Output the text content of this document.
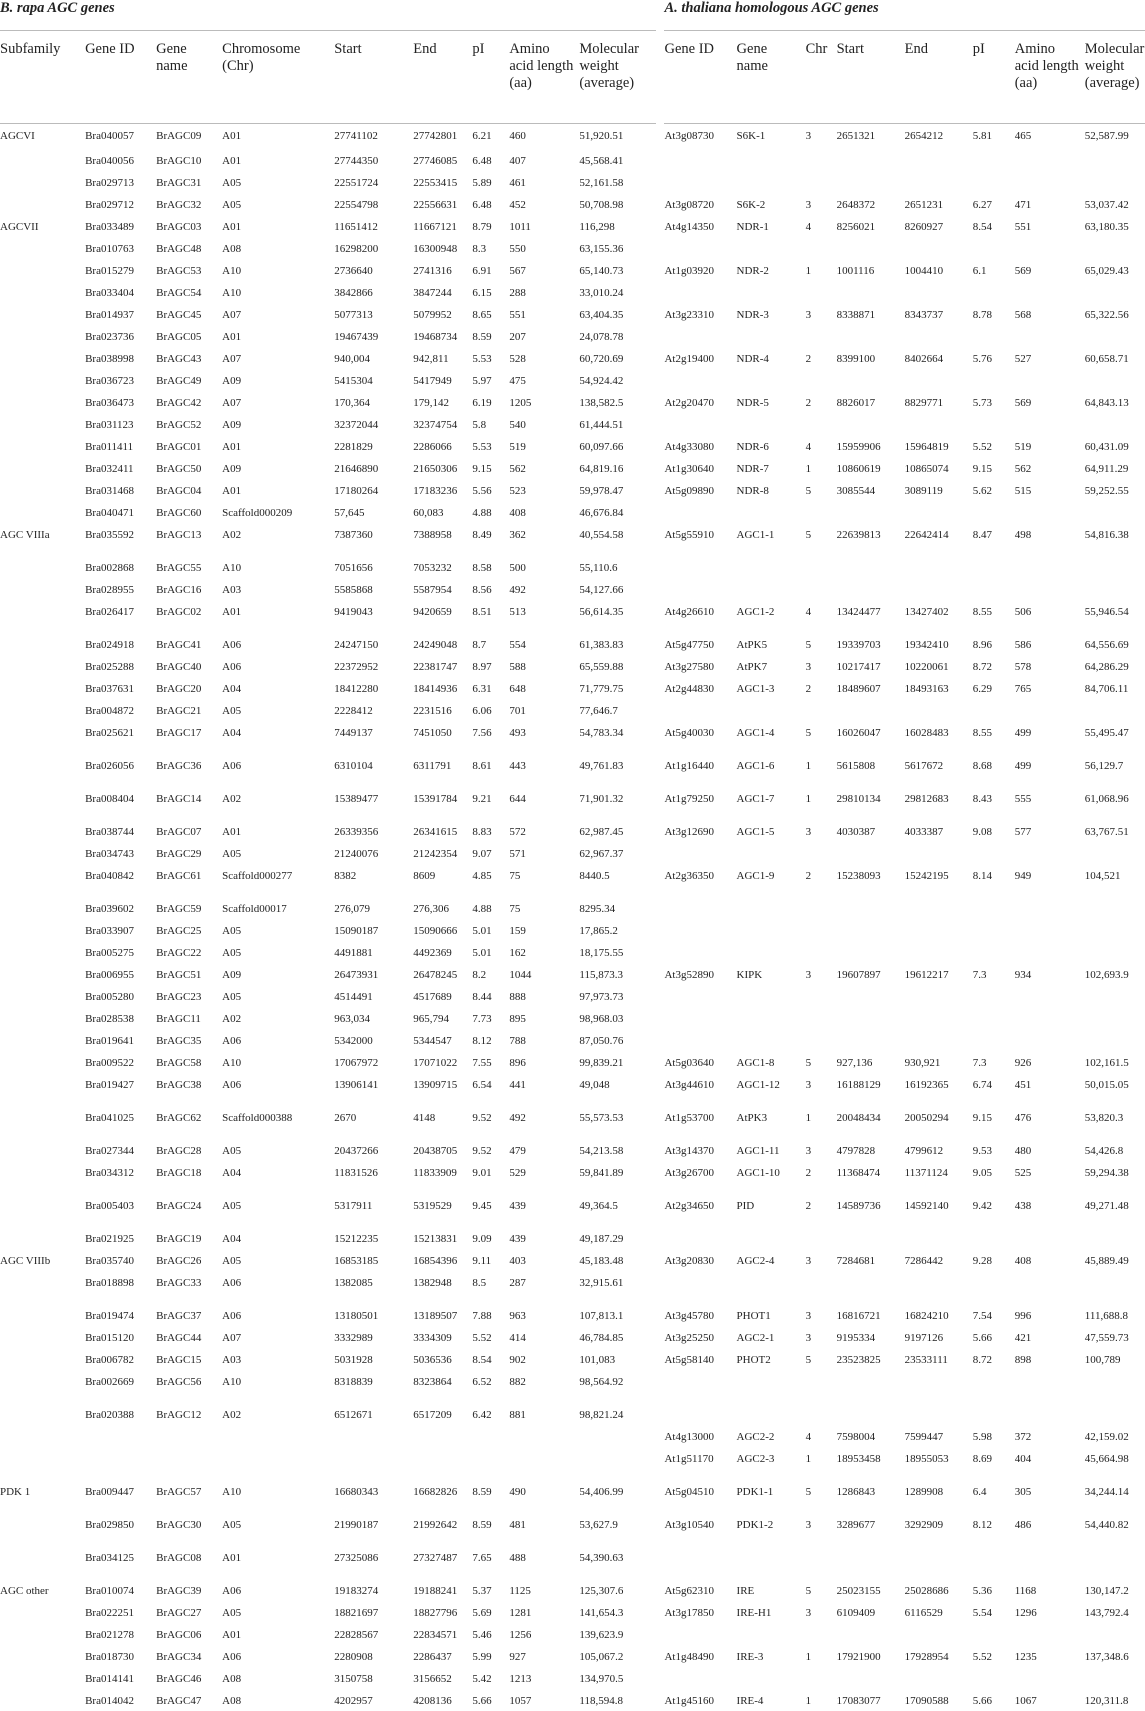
B. rapa AGC genes										A. thaliana homologous AGC genes							
Subfamily	Gene ID	Gene name	Chromosome (Chr)	Start	End	pI	Amino acid length (aa)	Molecular weight (average)		Gene ID	Gene name	Chr	Start	End	pI	Amino acid length (aa)	Molecular weight (average)
AGCVI	Bra040057	BrAGC09	A01	27741102	27742801	6.21	460	51,920.51		At3g08730	S6K-1	3	2651321	2654212	5.81	465	52,587.99
	Bra040056	BrAGC10	A01	27744350	27746085	6.48	407	45,568.41									
	Bra029713	BrAGC31	A05	22551724	22553415	5.89	461	52,161.58									
	Bra029712	BrAGC32	A05	22554798	22556631	6.48	452	50,708.98		At3g08720	S6K-2	3	2648372	2651231	6.27	471	53,037.42
AGCVII	Bra033489	BrAGC03	A01	11651412	11667121	8.79	1011	116,298		At4g14350	NDR-1	4	8256021	8260927	8.54	551	63,180.35
	Bra010763	BrAGC48	A08	16298200	16300948	8.3	550	63,155.36									
	Bra015279	BrAGC53	A10	2736640	2741316	6.91	567	65,140.73		At1g03920	NDR-2	1	1001116	1004410	6.1	569	65,029.43
	Bra033404	BrAGC54	A10	3842866	3847244	6.15	288	33,010.24									
	Bra014937	BrAGC45	A07	5077313	5079952	8.65	551	63,404.35		At3g23310	NDR-3	3	8338871	8343737	8.78	568	65,322.56
	Bra023736	BrAGC05	A01	19467439	19468734	8.59	207	24,078.78									
	Bra038998	BrAGC43	A07	940,004	942,811	5.53	528	60,720.69		At2g19400	NDR-4	2	8399100	8402664	5.76	527	60,658.71
	Bra036723	BrAGC49	A09	5415304	5417949	5.97	475	54,924.42									
	Bra036473	BrAGC42	A07	170,364	179,142	6.19	1205	138,582.5		At2g20470	NDR-5	2	8826017	8829771	5.73	569	64,843.13
	Bra031123	BrAGC52	A09	32372044	32374754	5.8	540	61,444.51									
	Bra011411	BrAGC01	A01	2281829	2286066	5.53	519	60,097.66		At4g33080	NDR-6	4	15959906	15964819	5.52	519	60,431.09
	Bra032411	BrAGC50	A09	21646890	21650306	9.15	562	64,819.16		At1g30640	NDR-7	1	10860619	10865074	9.15	562	64,911.29
	Bra031468	BrAGC04	A01	17180264	17183236	5.56	523	59,978.47		At5g09890	NDR-8	5	3085544	3089119	5.62	515	59,252.55
	Bra040471	BrAGC60	Scaffold000209	57,645	60,083	4.88	408	46,676.84									
AGC VIIIa	Bra035592	BrAGC13	A02	7387360	7388958	8.49	362	40,554.58		At5g55910	AGC1-1	5	22639813	22642414	8.47	498	54,816.38
	Bra002868	BrAGC55	A10	7051656	7053232	8.58	500	55,110.6									
	Bra028955	BrAGC16	A03	5585868	5587954	8.56	492	54,127.66									
	Bra026417	BrAGC02	A01	9419043	9420659	8.51	513	56,614.35		At4g26610	AGC1-2	4	13424477	13427402	8.55	506	55,946.54
	Bra024918	BrAGC41	A06	24247150	24249048	8.7	554	61,383.83		At5g47750	AtPK5	5	19339703	19342410	8.96	586	64,556.69
	Bra025288	BrAGC40	A06	22372952	22381747	8.97	588	65,559.88		At3g27580	AtPK7	3	10217417	10220061	8.72	578	64,286.29
	Bra037631	BrAGC20	A04	18412280	18414936	6.31	648	71,779.75		At2g44830	AGC1-3	2	18489607	18493163	6.29	765	84,706.11
	Bra004872	BrAGC21	A05	2228412	2231516	6.06	701	77,646.7									
	Bra025621	BrAGC17	A04	7449137	7451050	7.56	493	54,783.34		At5g40030	AGC1-4	5	16026047	16028483	8.55	499	55,495.47
	Bra026056	BrAGC36	A06	6310104	6311791	8.61	443	49,761.83		At1g16440	AGC1-6	1	5615808	5617672	8.68	499	56,129.7
	Bra008404	BrAGC14	A02	15389477	15391784	9.21	644	71,901.32		At1g79250	AGC1-7	1	29810134	29812683	8.43	555	61,068.96
	Bra038744	BrAGC07	A01	26339356	26341615	8.83	572	62,987.45		At3g12690	AGC1-5	3	4030387	4033387	9.08	577	63,767.51
	Bra034743	BrAGC29	A05	21240076	21242354	9.07	571	62,967.37									
	Bra040842	BrAGC61	Scaffold000277	8382	8609	4.85	75	8440.5		At2g36350	AGC1-9	2	15238093	15242195	8.14	949	104,521
	Bra039602	BrAGC59	Scaffold00017	276,079	276,306	4.88	75	8295.34									
	Bra033907	BrAGC25	A05	15090187	15090666	5.01	159	17,865.2									
	Bra005275	BrAGC22	A05	4491881	4492369	5.01	162	18,175.55									
	Bra006955	BrAGC51	A09	26473931	26478245	8.2	1044	115,873.3		At3g52890	KIPK	3	19607897	19612217	7.3	934	102,693.9
	Bra005280	BrAGC23	A05	4514491	4517689	8.44	888	97,973.73									
	Bra028538	BrAGC11	A02	963,034	965,794	7.73	895	98,968.03									
	Bra019641	BrAGC35	A06	5342000	5344547	8.12	788	87,050.76									
	Bra009522	BrAGC58	A10	17067972	17071022	7.55	896	99,839.21		At5g03640	AGC1-8	5	927,136	930,921	7.3	926	102,161.5
	Bra019427	BrAGC38	A06	13906141	13909715	6.54	441	49,048		At3g44610	AGC1-12	3	16188129	16192365	6.74	451	50,015.05
	Bra041025	BrAGC62	Scaffold000388	2670	4148	9.52	492	55,573.53		At1g53700	AtPK3	1	20048434	20050294	9.15	476	53,820.3
	Bra027344	BrAGC28	A05	20437266	20438705	9.52	479	54,213.58		At3g14370	AGC1-11	3	4797828	4799612	9.53	480	54,426.8
	Bra034312	BrAGC18	A04	11831526	11833909	9.01	529	59,841.89		At3g26700	AGC1-10	2	11368474	11371124	9.05	525	59,294.38
	Bra005403	BrAGC24	A05	5317911	5319529	9.45	439	49,364.5		At2g34650	PID	2	14589736	14592140	9.42	438	49,271.48
	Bra021925	BrAGC19	A04	15212235	15213831	9.09	439	49,187.29									
AGC VIIIb	Bra035740	BrAGC26	A05	16853185	16854396	9.11	403	45,183.48		At3g20830	AGC2-4	3	7284681	7286442	9.28	408	45,889.49
	Bra018898	BrAGC33	A06	1382085	1382948	8.5	287	32,915.61									
	Bra019474	BrAGC37	A06	13180501	13189507	7.88	963	107,813.1		At3g45780	PHOT1	3	16816721	16824210	7.54	996	111,688.8
	Bra015120	BrAGC44	A07	3332989	3334309	5.52	414	46,784.85		At3g25250	AGC2-1	3	9195334	9197126	5.66	421	47,559.73
	Bra006782	BrAGC15	A03	5031928	5036536	8.54	902	101,083		At5g58140	PHOT2	5	23523825	23533111	8.72	898	100,789
	Bra002669	BrAGC56	A10	8318839	8323864	6.52	882	98,564.92									
	Bra020388	BrAGC12	A02	6512671	6517209	6.42	881	98,821.24									
										At4g13000	AGC2-2	4	7598004	7599447	5.98	372	42,159.02
										At1g51170	AGC2-3	1	18953458	18955053	8.69	404	45,664.98
PDK 1	Bra009447	BrAGC57	A10	16680343	16682826	8.59	490	54,406.99		At5g04510	PDK1-1	5	1286843	1289908	6.4	305	34,244.14
	Bra029850	BrAGC30	A05	21990187	21992642	8.59	481	53,627.9		At3g10540	PDK1-2	3	3289677	3292909	8.12	486	54,440.82
	Bra034125	BrAGC08	A01	27325086	27327487	7.65	488	54,390.63									
AGC other	Bra010074	BrAGC39	A06	19183274	19188241	5.37	1125	125,307.6		At5g62310	IRE	5	25023155	25028686	5.36	1168	130,147.2
	Bra022251	BrAGC27	A05	18821697	18827796	5.69	1281	141,654.3		At3g17850	IRE-H1	3	6109409	6116529	5.54	1296	143,792.4
	Bra021278	BrAGC06	A01	22828567	22834571	5.46	1256	139,623.9									
	Bra018730	BrAGC34	A06	2280908	2286437	5.99	927	105,067.2		At1g48490	IRE-3	1	17921900	17928954	5.52	1235	137,348.6
	Bra014141	BrAGC46	A08	3150758	3156652	5.42	1213	134,970.5									
	Bra014042	BrAGC47	A08	4202957	4208136	5.66	1057	118,594.8		At1g45160	IRE-4	1	17083077	17090588	5.66	1067	120,311.8
